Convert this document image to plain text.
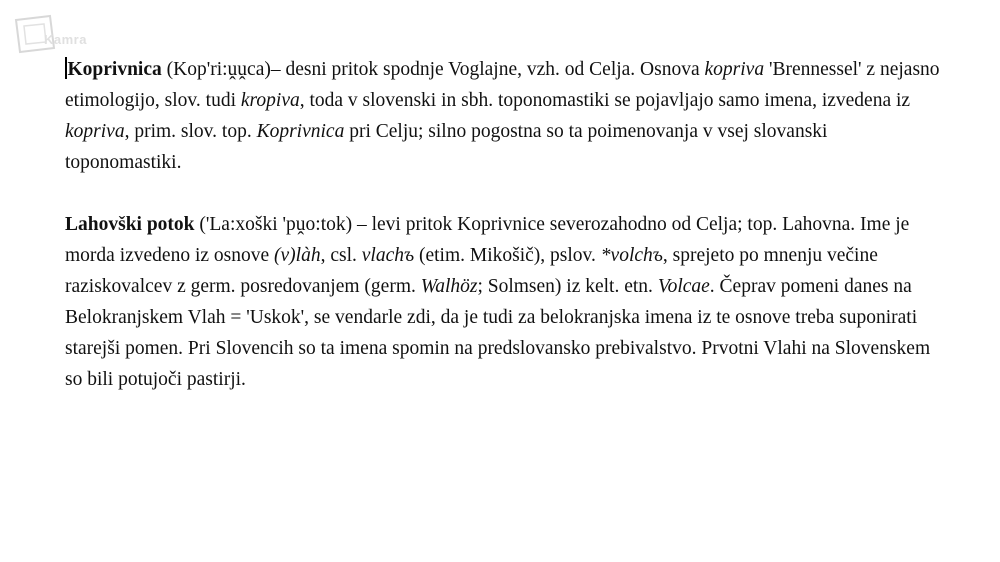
Kamra

Koprivnica (Kop'ri:ṷṷca)– desni pritok spodnje Voglajne, vzh. od Celja. Osnova kopriva 'Brennessel' z nejasno etimologijo, slov. tudi kropiva, toda v slovenski in sbh. toponomastiki se pojavljajo samo imena, izvedena iz kopriva, prim. slov. top. Koprivnica pri Celju; silno pogostna so ta poimenovanja v vsej slovanski toponomastiki.

Lahovški potok ('La:xoški 'pṷo:tok) – levi pritok Koprivnice severozahodno od Celja; top. Lahovna. Ime je morda izvedeno iz osnove (v)làh, csl. vlachъ (etim. Mikošič), pslov. *volchъ, sprejeto po mnenju večine raziskovalcev z germ. posredovanjem (germ. Walhöz; Solmsen) iz kelt. etn. Volcae. Čeprav pomeni danes na Belokranjskem Vlah = 'Uskok', se vendarle zdi, da je tudi za belokranjska imena iz te osnove treba suponirati starejši pomen. Pri Slovencih so ta imena spomin na predslovansko prebivalstvo. Prvotni Vlahi na Slovenskem so bili potujoči pastirji.
